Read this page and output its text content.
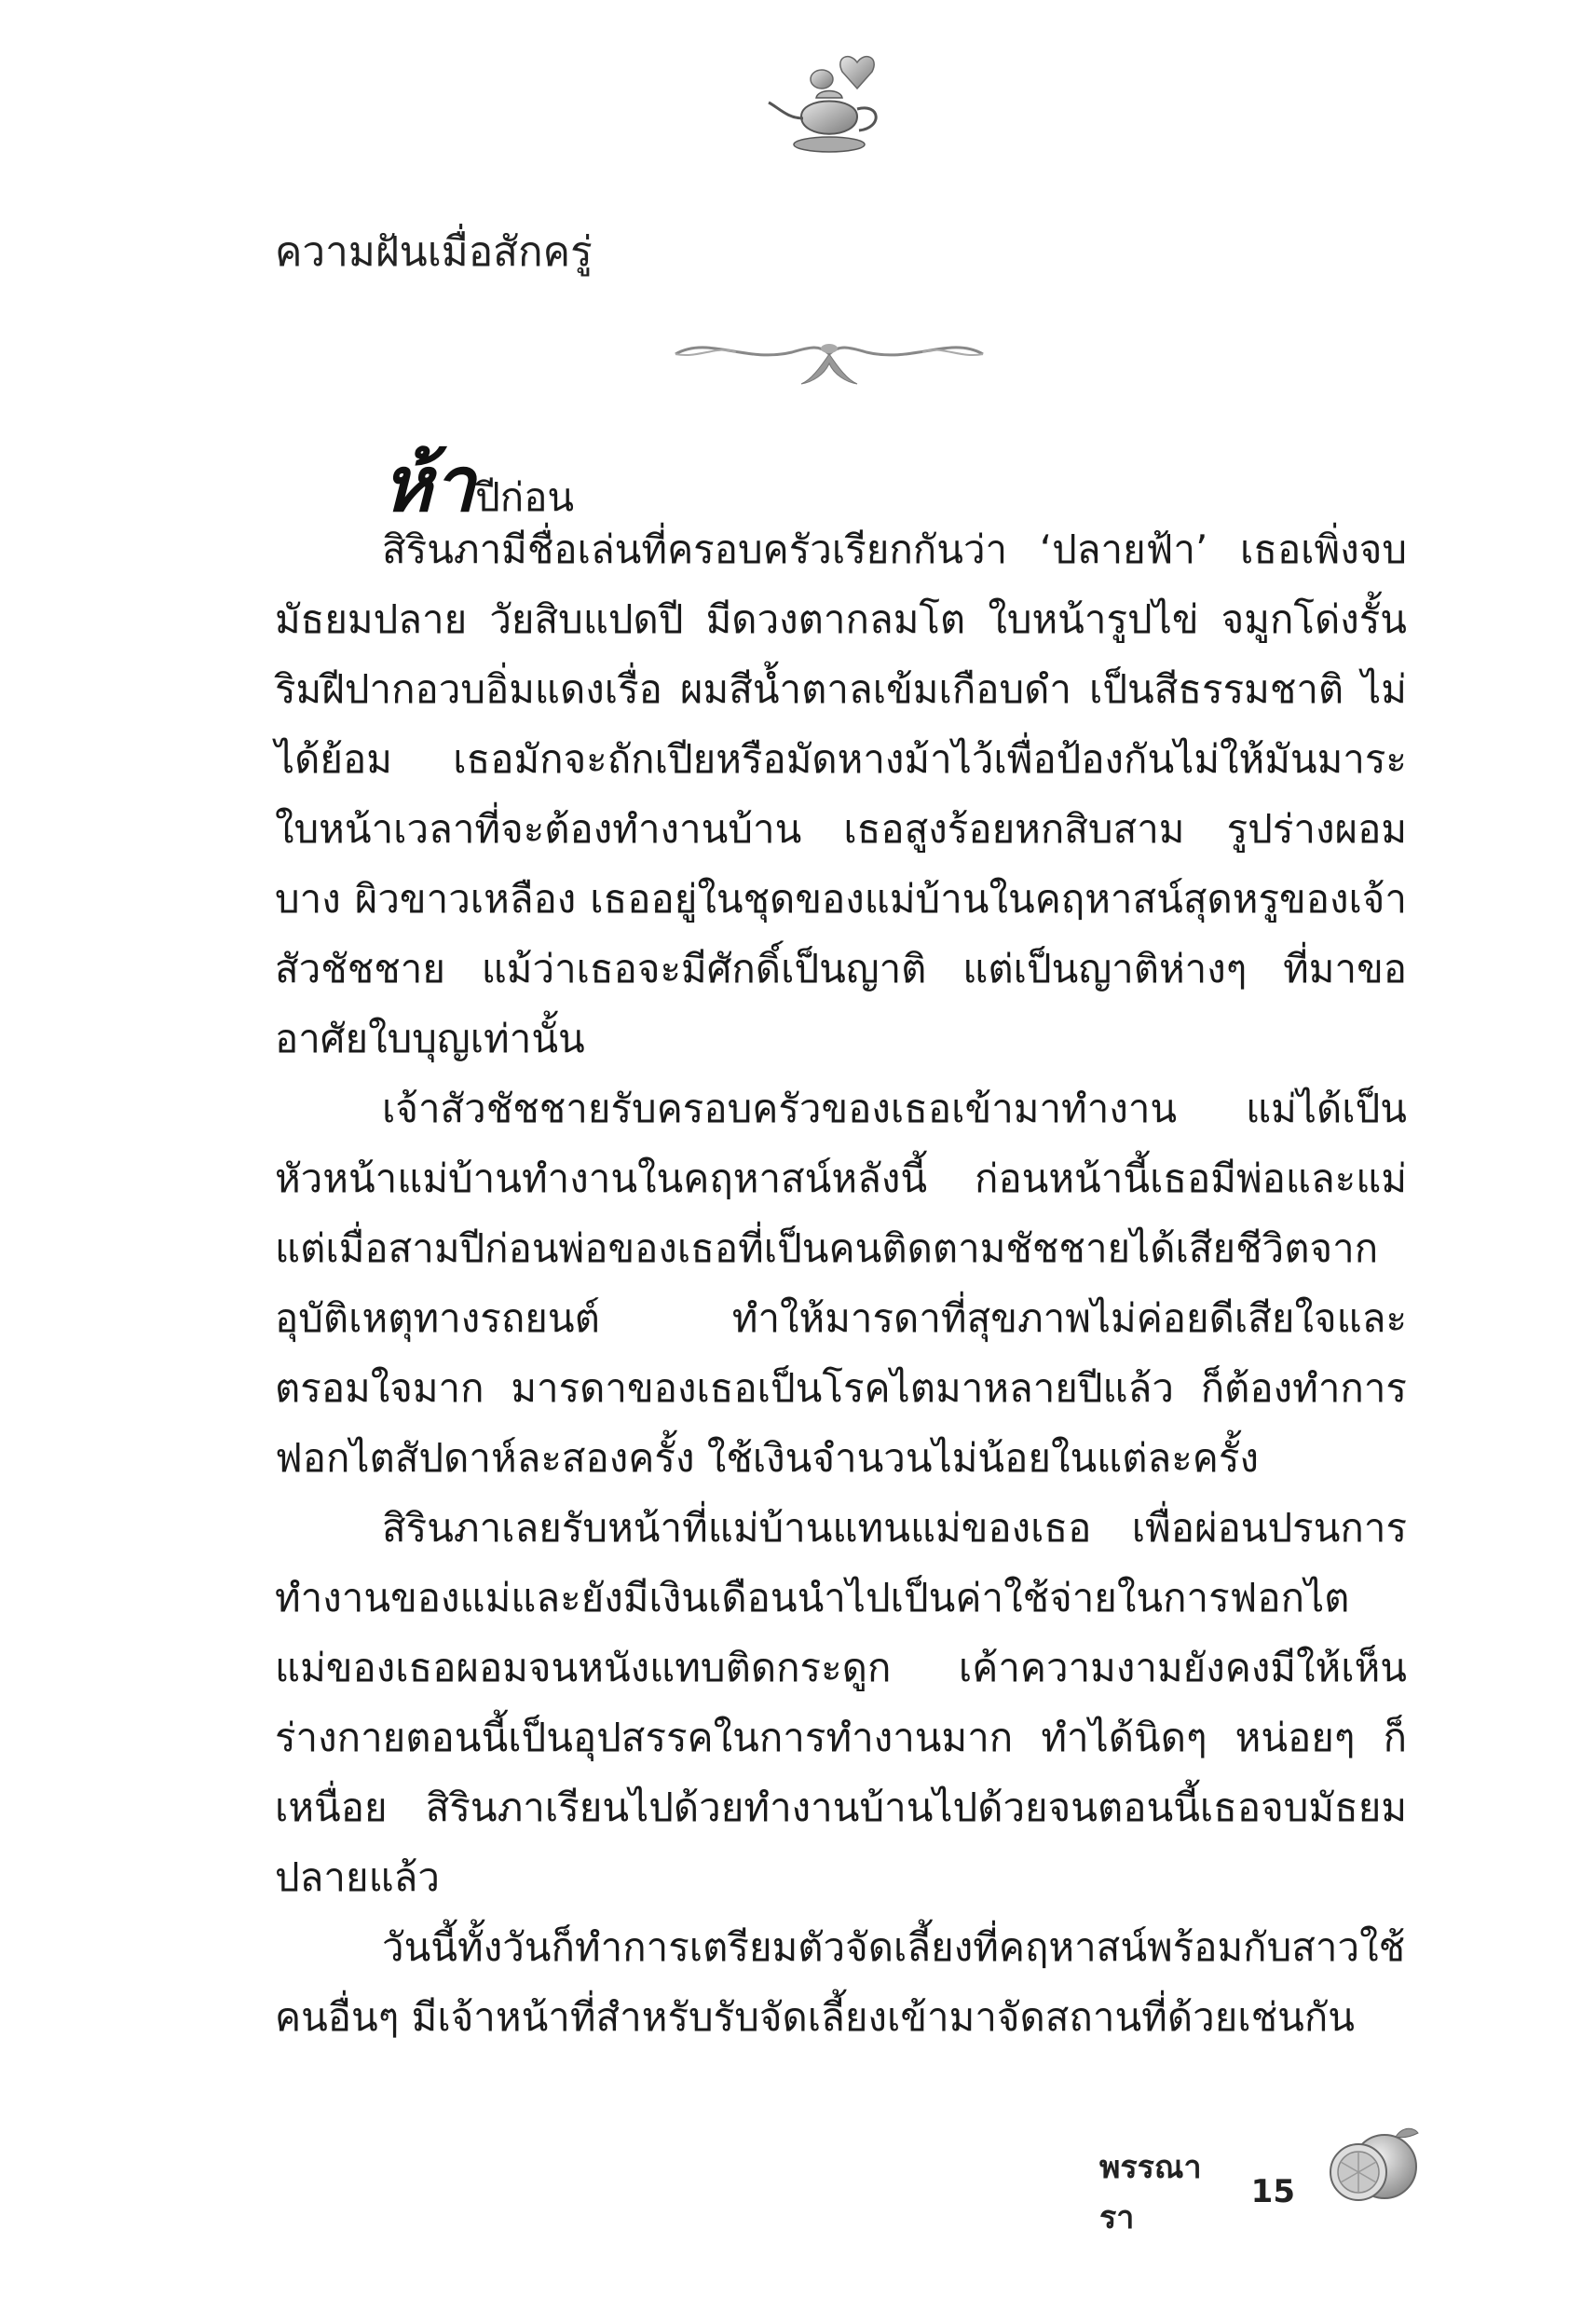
ความฝันเมื่อสักครู่
ห้าปีก่อน

สิรินภามีชื่อเล่นที่ครอบครัวเรียกกันว่า ‘ปลายฟ้า’ เธอเพิ่งจบมัธยมปลาย วัยสิบแปดปี มีดวงตากลมโต ใบหน้ารูปไข่ จมูกโด่งรั้น ริมฝีปากอวบอิ่มแดงเรื่อ ผมสีน้ำตาลเข้มเกือบดำ เป็นสีธรรมชาติ ไม่ได้ย้อม เธอมักจะถักเปียหรือมัดหางม้าไว้เพื่อป้องกันไม่ให้มันมาระใบหน้าเวลาที่จะต้องทำงานบ้าน เธอสูงร้อยหกสิบสาม รูปร่างผอมบาง ผิวขาวเหลือง เธออยู่ในชุดของแม่บ้านในคฤหาสน์สุดหรูของเจ้าสัวชัชชาย แม้ว่าเธอจะมีศักดิ์เป็นญาติ แต่เป็นญาติห่างๆ ที่มาขออาศัยใบบุญเท่านั้น

เจ้าสัวชัชชายรับครอบครัวของเธอเข้ามาทำงาน แม่ได้เป็นหัวหน้าแม่บ้านทำงานในคฤหาสน์หลังนี้ ก่อนหน้านี้เธอมีพ่อและแม่ แต่เมื่อสามปีก่อนพ่อของเธอที่เป็นคนติดตามชัชชายได้เสียชีวิตจากอุบัติเหตุทางรถยนต์ ทำให้มารดาที่สุขภาพไม่ค่อยดีเสียใจและตรอมใจมาก มารดาของเธอเป็นโรคไตมาหลายปีแล้ว ก็ต้องทำการฟอกไตสัปดาห์ละสองครั้ง ใช้เงินจำนวนไม่น้อยในแต่ละครั้ง

สิรินภาเลยรับหน้าที่แม่บ้านแทนแม่ของเธอ เพื่อผ่อนปรนการทำงานของแม่และยังมีเงินเดือนนำไปเป็นค่าใช้จ่ายในการฟอกไต แม่ของเธอผอมจนหนังแทบติดกระดูก เค้าความงามยังคงมีให้เห็น ร่างกายตอนนี้เป็นอุปสรรคในการทำงานมาก ทำได้นิดๆ หน่อยๆ ก็เหนื่อย สิรินภาเรียนไปด้วยทำงานบ้านไปด้วยจนตอนนี้เธอจบมัธยมปลายแล้ว

วันนี้ทั้งวันก็ทำการเตรียมตัวจัดเลี้ยงที่คฤหาสน์พร้อมกับสาวใช้คนอื่นๆ มีเจ้าหน้าที่สำหรับรับจัดเลี้ยงเข้ามาจัดสถานที่ด้วยเช่นกัน

พรรณารา
15
